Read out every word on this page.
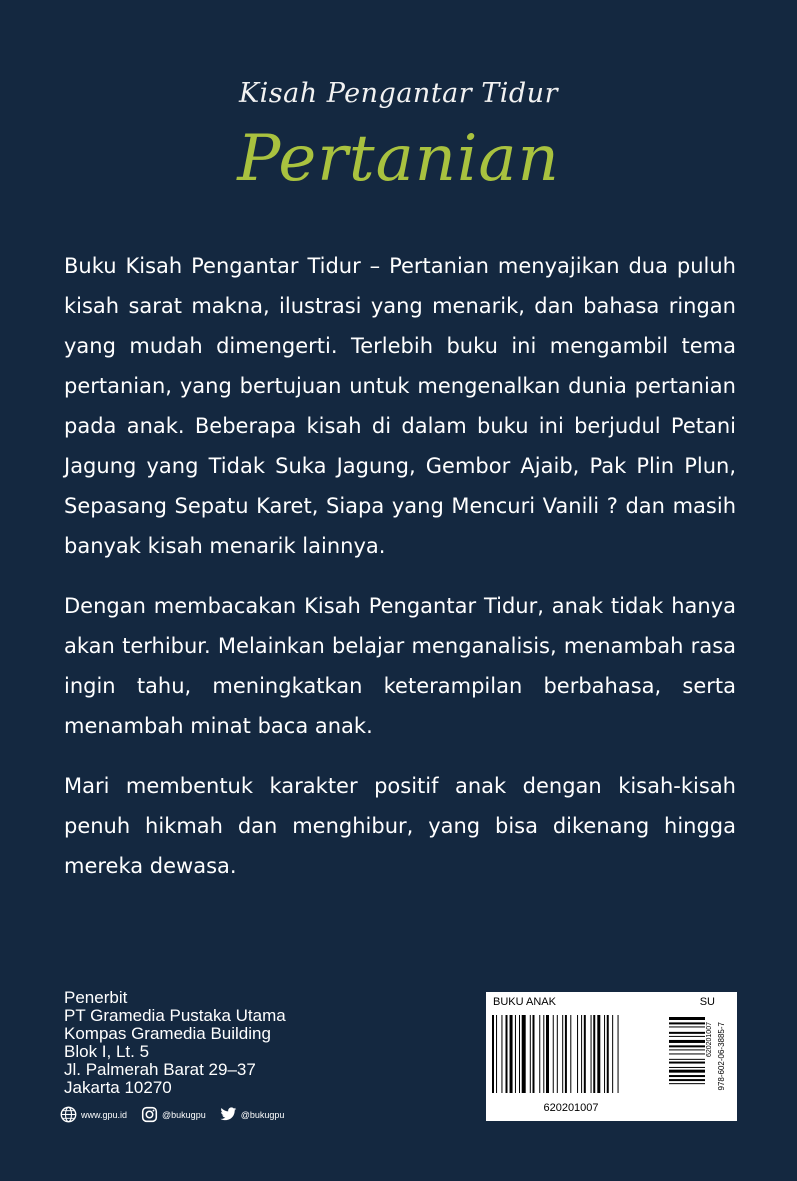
Kisah Pengantar Tidur
Pertanian

Buku Kisah Pengantar Tidur – Pertanian menyajikan dua puluh kisah sarat makna, ilustrasi yang menarik, dan bahasa ringan yang mudah dimengerti. Terlebih buku ini mengambil tema pertanian, yang bertujuan untuk mengenalkan dunia pertanian pada anak. Beberapa kisah di dalam buku ini berjudul Petani Jagung yang Tidak Suka Jagung, Gembor Ajaib, Pak Plin Plun, Sepasang Sepatu Karet, Siapa yang Mencuri Vanili ? dan masih banyak kisah menarik lainnya.

Dengan membacakan Kisah Pengantar Tidur, anak tidak hanya akan terhibur. Melainkan belajar menganalisis, menambah rasa ingin tahu, meningkatkan keterampilan berbahasa, serta menambah minat baca anak.

Mari membentuk karakter positif anak dengan kisah-kisah penuh hikmah dan menghibur, yang bisa dikenang hingga mereka dewasa.

Penerbit
PT Gramedia Pustaka Utama
Kompas Gramedia Building
Blok I, Lt. 5
Jl. Palmerah Barat 29–37
Jakarta 10270
www.gpu.id	@bukugpu	@bukugpu
BUKU ANAK	SU
620201007
620201007 978-602-06-3885-7
